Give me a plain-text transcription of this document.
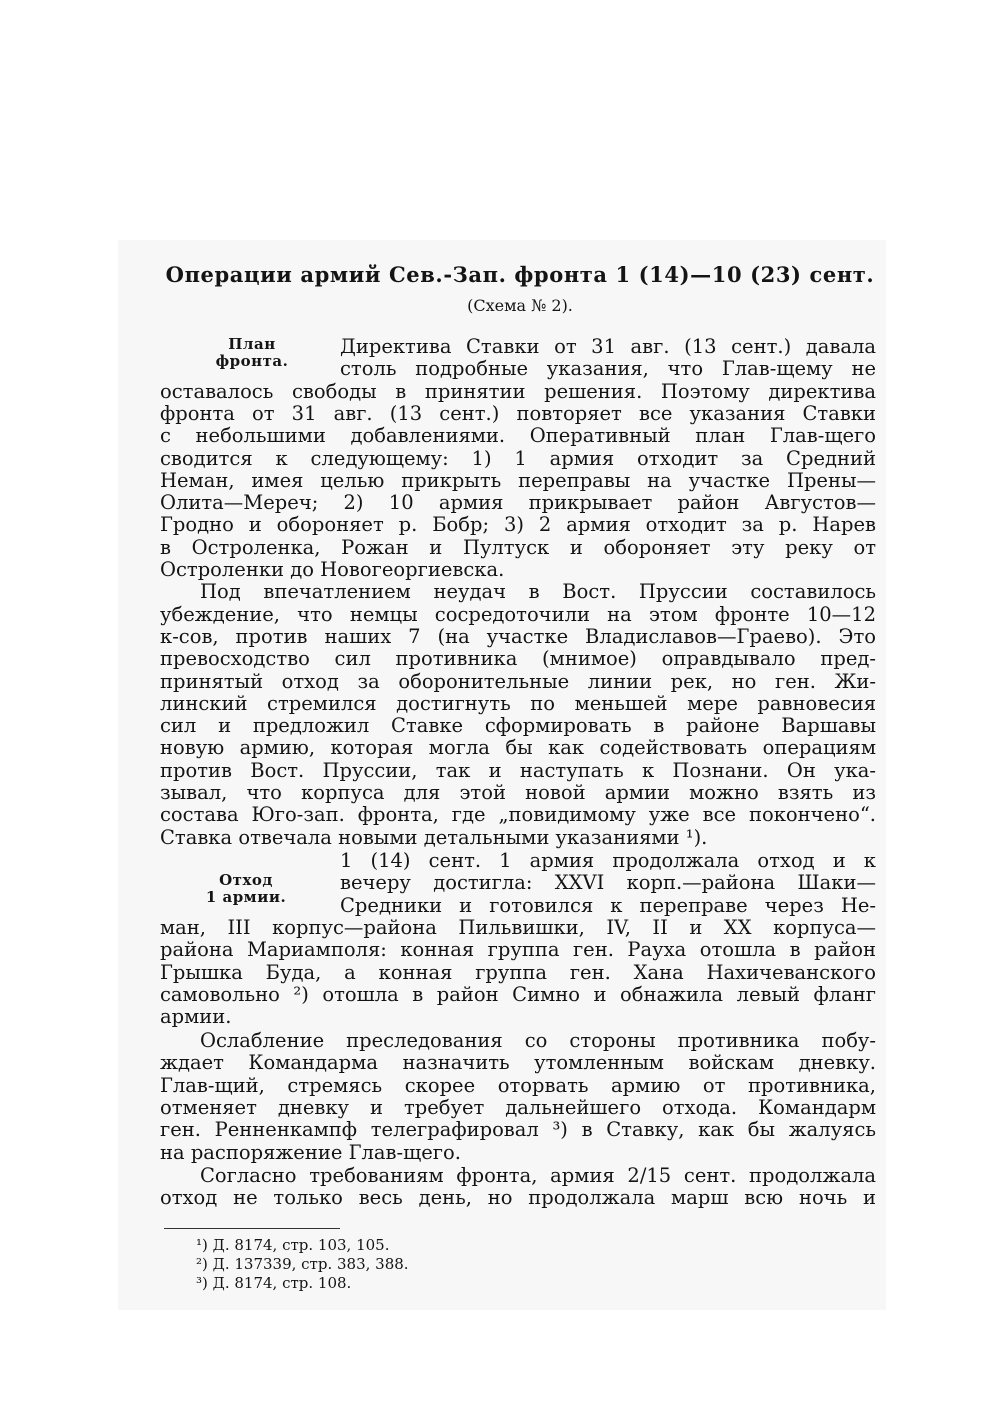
Операции армий Сев.-Зап. фронта 1 (14)—10 (23) сент.
(Схема № 2).
План
фронта.
Отход
1 армии.
Директива Ставки от 31 авг. (13 сент.) давала
столь подробные указания, что Глав-щему не
оставалось свободы в принятии решения. Поэтому директива
фронта от 31 авг. (13 сент.) повторяет все указания Ставки
с небольшими добавлениями. Оперативный план Глав-щего
сводится к следующему: 1) 1 армия отходит за Средний
Неман, имея целью прикрыть переправы на участке Прены—
Олита—Мереч; 2) 10 армия прикрывает район Августов—
Гродно и обороняет р. Бобр; 3) 2 армия отходит за р. Нарев
в Остроленка, Рожан и Пултуск и обороняет эту реку от
Остроленки до Новогеоргиевска.
Под впечатлением неудач в Вост. Пруссии составилось
убеждение, что немцы сосредоточили на этом фронте 10—12
к-сов, против наших 7 (на участке Владиславов—Граево). Это
превосходство сил противника (мнимое) оправдывало пред-
принятый отход за оборонительные линии рек, но ген. Жи-
линский стремился достигнуть по меньшей мере равновесия
сил и предложил Ставке сформировать в районе Варшавы
новую армию, которая могла бы как содействовать операциям
против Вост. Пруссии, так и наступать к Познани. Он ука-
зывал, что корпуса для этой новой армии можно взять из
состава Юго-зап. фронта, где „повидимому уже все покончено“.
Ставка отвечала новыми детальными указаниями ¹).
1 (14) сент. 1 армия продолжала отход и к
вечеру достигла: XXVI корп.—района Шаки—
Средники и готовился к переправе через Не-
ман, III корпус—района Пильвишки, IV, II и XX корпуса—
района Мариамполя: конная группа ген. Рауха отошла в район
Грышка Буда, а конная группа ген. Хана Нахичеванского
самовольно ²) отошла в район Симно и обнажила левый фланг
армии.
Ослабление преследования со стороны противника побу-
ждает Командарма назначить утомленным войскам дневку.
Глав-щий, стремясь скорее оторвать армию от противника,
отменяет дневку и требует дальнейшего отхода. Командарм
ген. Ренненкампф телеграфировал ³) в Ставку, как бы жалуясь
на распоряжение Глав-щего.
Согласно требованиям фронта, армия 2/15 сент. продолжала
отход не только весь день, но продолжала марш всю ночь и
¹) Д. 8174, стр. 103, 105.
²) Д. 137339, стр. 383, 388.
³) Д. 8174, стр. 108.
